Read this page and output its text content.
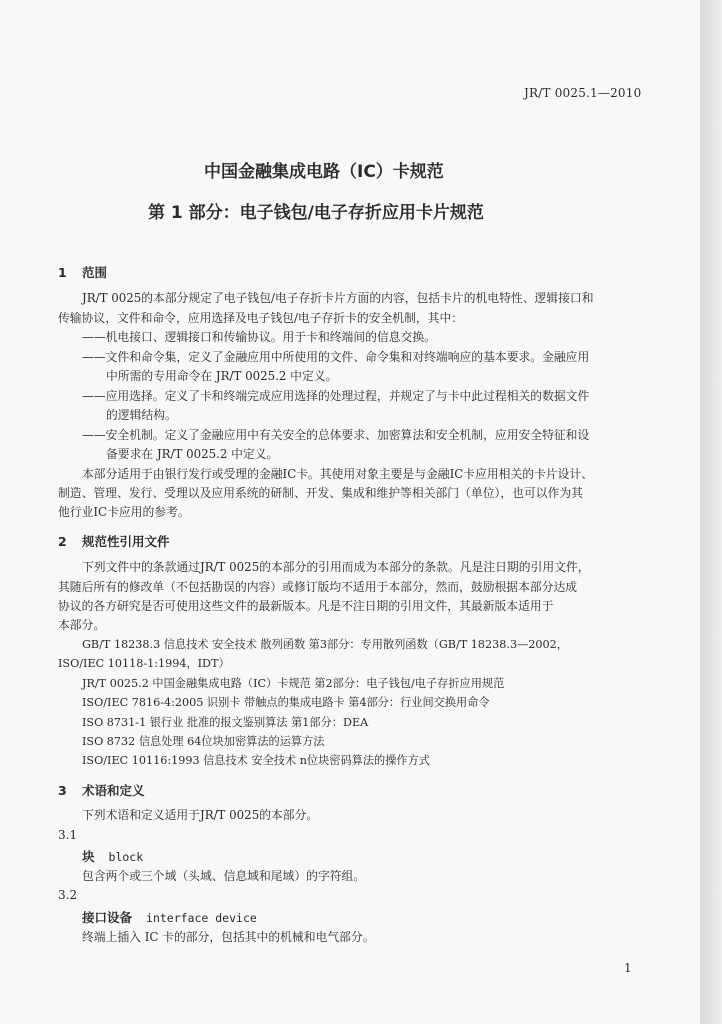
JR/T 0025.1—2010
中国金融集成电路（IC）卡规范
第 1 部分：电子钱包/电子存折应用卡片规范
1 范围
JR/T 0025的本部分规定了电子钱包/电子存折卡片方面的内容，包括卡片的机电特性、逻辑接口和
传输协议，文件和命令，应用选择及电子钱包/电子存折卡的安全机制，其中：
——机电接口、逻辑接口和传输协议。用于卡和终端间的信息交换。
——文件和命令集，定义了金融应用中所使用的文件、命令集和对终端响应的基本要求。金融应用
中所需的专用命令在 JR/T 0025.2 中定义。
——应用选择。定义了卡和终端完成应用选择的处理过程，并规定了与卡中此过程相关的数据文件
的逻辑结构。
——安全机制。定义了金融应用中有关安全的总体要求、加密算法和安全机制，应用安全特征和设
备要求在 JR/T 0025.2 中定义。
本部分适用于由银行发行或受理的金融IC卡。其使用对象主要是与金融IC卡应用相关的卡片设计、
制造、管理、发行、受理以及应用系统的研制、开发、集成和维护等相关部门（单位），也可以作为其
他行业IC卡应用的参考。
2 规范性引用文件
下列文件中的条款通过JR/T 0025的本部分的引用而成为本部分的条款。凡是注日期的引用文件，
其随后所有的修改单（不包括勘误的内容）或修订版均不适用于本部分，然而，鼓励根据本部分达成
协议的各方研究是否可使用这些文件的最新版本。凡是不注日期的引用文件，其最新版本适用于
本部分。
GB/T 18238.3 信息技术 安全技术 散列函数 第3部分：专用散列函数（GB/T 18238.3—2002，
ISO/IEC 10118-1:1994，IDT）
JR/T 0025.2 中国金融集成电路（IC）卡规范 第2部分：电子钱包/电子存折应用规范
ISO/IEC 7816-4:2005 识别卡 带触点的集成电路卡 第4部分：行业间交换用命令
ISO 8731-1 银行业 批准的报文鉴别算法 第1部分：DEA
ISO 8732 信息处理 64位块加密算法的运算方法
ISO/IEC 10116:1993 信息技术 安全技术 n位块密码算法的操作方式
3 术语和定义
下列术语和定义适用于JR/T 0025的本部分。
3.1
块 block
包含两个或三个域（头域、信息域和尾域）的字符组。
3.2
接口设备 interface device
终端上插入 IC 卡的部分，包括其中的机械和电气部分。
1
